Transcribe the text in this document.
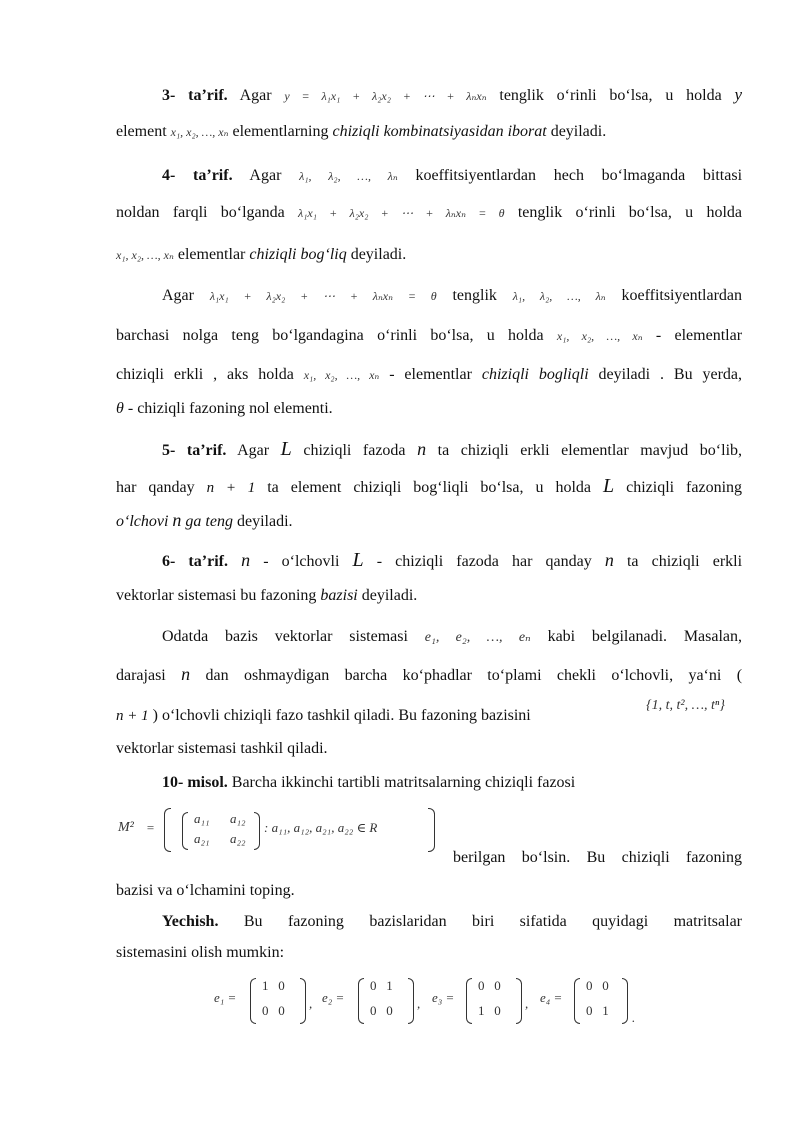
3- ta’rif. Agar y = λ₁x₁ + λ₂x₂ + ⋯ + λₙxₙ tenglik o‘rinli bo‘lsa, u holda y
element x₁, x₂, …, xₙ elementlarning chiziqli kombinatsiyasidan iborat deyiladi.
4- ta’rif. Agar λ₁, λ₂, …, λₙ koeffitsiyentlardan hech bo‘lmaganda bittasi
noldan farqli bo‘lganda λ₁x₁ + λ₂x₂ + ⋯ + λₙxₙ = θ tenglik o‘rinli bo‘lsa, u holda
x₁, x₂, …, xₙ elementlar chiziqli bog‘liq deyiladi.
Agar λ₁x₁ + λ₂x₂ + ⋯ + λₙxₙ = θ tenglik λ₁, λ₂, …, λₙ koeffitsiyentlardan
barchasi nolga teng bo‘lgandagina o‘rinli bo‘lsa, u holda x₁, x₂, …, xₙ - elementlar
chiziqli erkli , aks holda x₁, x₂, …, xₙ - elementlar chiziqli bogliqli deyiladi . Bu yerda,
θ - chiziqli fazoning nol elementi.
5- ta’rif. Agar L chiziqli fazoda n ta chiziqli erkli elementlar mavjud bo‘lib,
har qanday n + 1 ta element chiziqli bog‘liqli bo‘lsa, u holda L chiziqli fazoning
o‘lchovi n ga teng deyiladi.
6- ta’rif. n - o‘lchovli L - chiziqli fazoda har qanday n ta chiziqli erkli
vektorlar sistemasi bu fazoning bazisi deyiladi.
Odatda bazis vektorlar sistemasi e₁, e₂, …, eₙ kabi belgilanadi. Masalan,
darajasi n dan oshmaydigan barcha ko‘phadlar to‘plami chekli o‘lchovli, ya‘ni (
n + 1 ) o‘lchovli chiziqli fazo tashkil qiladi. Bu fazoning bazisini
{1, t, t², …, tⁿ}
vektorlar sistemasi tashkil qiladi.
10- misol. Barcha ikkinchi tartibli matritsalarning chiziqli fazosi
M² =
a₁₁ a₁₂
a₂₁ a₂₂
: a₁₁, a₁₂, a₂₁, a₂₂ ∈ R
berilgan bo‘lsin. Bu chiziqli fazoning
bazisi va o‘lchamini toping.
Yechish. Bu fazoning bazislaridan biri sifatida quyidagi matritsalar
sistemasini olish mumkin:
e₁ =
1   0
0   0 , e₂ =
0   1
0   0 , e₃ =
0   0
1   0 , e₄ =
0   0
0   1 .
